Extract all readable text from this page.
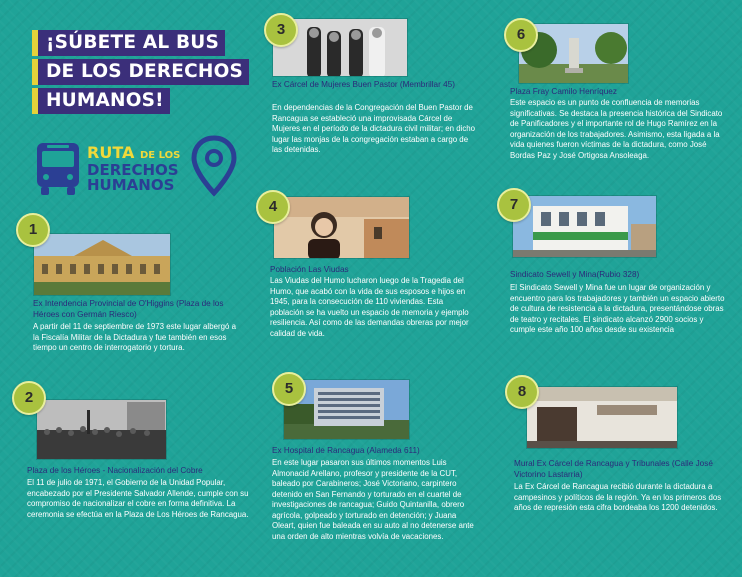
¡SÚBETE AL BUS DE LOS DERECHOS HUMANOS!
RUTA DE LOS
DERECHOS
HUMANOS
1
Ex Intendencia Provincial de O'Higgins (Plaza de los Héroes con Germán Riesco)
A partir del 11 de septiembre de 1973 este lugar albergó a la Fiscalía Militar de la Dictadura y fue también en esos tiempo un centro de interrogatorio y tortura.
2
Plaza de los Héroes - Nacionalización del Cobre
El 11 de julio de 1971, el Gobierno de la Unidad Popular, encabezado por el Presidente Salvador Allende, cumple con su compromiso de nacionalizar el cobre en forma definitiva. La ceremonia se efectúa en la Plaza de Los Héroes de Rancagua.
3
Ex Cárcel de Mujeres Buen Pastor (Membrillar 45)
En dependencias de la Congregación del Buen Pastor de Rancagua se estableció una improvisada Cárcel de Mujeres en el período de la dictadura civil militar; en dicho lugar las monjas de la congregación estaban a cargo de las detenidas.
4
Población Las Viudas
Las Viudas del Humo lucharon luego de la Tragedia del Humo, que acabó con la vida de sus esposos e hijos en 1945, para la consecución de 110 viviendas. Esta población se ha vuelto un espacio de memoria y ejemplo resiliencia. Así como de las demandas obreras por mejor calidad de vida.
5
Ex Hospital de Rancagua (Alameda 611)
En este lugar pasaron sus últimos momentos Luis Almonacid Arellano, profesor y presidente de la CUT, baleado por Carabineros; José Victoriano, carpintero detenido en San Fernando y torturado en el cuartel de investigaciones de rancagua; Guido Quintanilla, obrero agrícola, golpeado y torturado en detención; y Juana Oleart, quien fue baleada en su auto al no detenerse ante una orden de alto mientras volvía de vacaciones.
6
Plaza Fray Camilo Henríquez
Este espacio es un punto de confluencia de memorias significativas. Se destaca la presencia histórica del Sindicato de Panificadores y el importante rol de Hugo Ramírez en la organización de los trabajadores. Asimismo, esta ligada a la vida quienes fueron víctimas de la dictadura, como José Bordas Paz y José Ortigosa Ansoleaga.
7
Sindicato Sewell y Mina(Rubio 328)
El Sindicato Sewell y Mina fue un lugar de organización y encuentro para los trabajadores y también un espacio abierto de cultura de resistencia a la dictadura, presentándose obras de teatro y recitales. El sindicato alcanzó 2900 socios y cumple este año 100 años desde su existencia
8
Mural Ex Cárcel de Rancagua y Tribunales (Calle José Victorino Lastarria)
La Ex Cárcel de Rancagua recibió durante la dictadura a campesinos y políticos de la región. Ya en los primeros dos años de represión esta cifra bordeaba los 1200 detenidos.
